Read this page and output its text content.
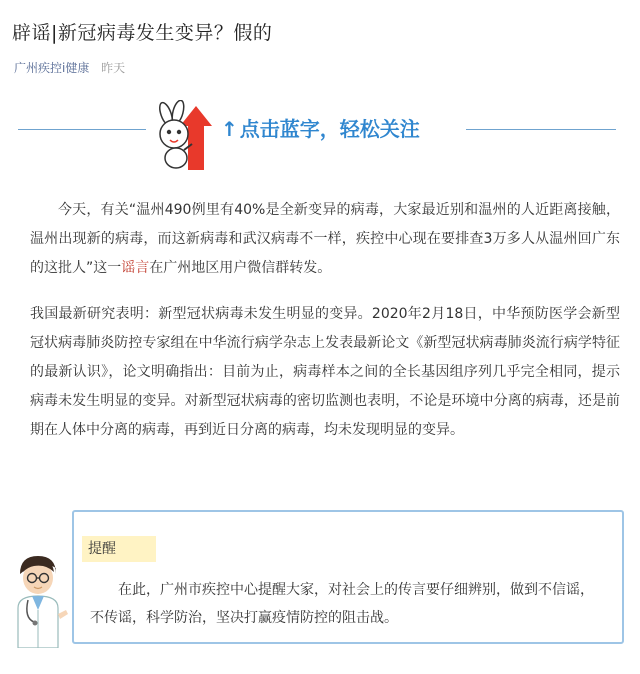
辟谣|新冠病毒发生变异？假的
广州疾控i健康 昨天
↑ 点击蓝字，轻松关注

今天，有关“温州490例里有40%是全新变异的病毒，大家最近别和温州的人近距离接触，温州出现新的病毒，而这新病毒和武汉病毒不一样，疾控中心现在要排查3万多人从温州回广东的这批人”这一谣言在广州地区用户微信群转发。

我国最新研究表明：新型冠状病毒未发生明显的变异。2020年2月18日，中华预防医学会新型冠状病毒肺炎防控专家组在中华流行病学杂志上发表最新论文《新型冠状病毒肺炎流行病学特征的最新认识》，论文明确指出：目前为止，病毒样本之间的全长基因组序列几乎完全相同，提示病毒未发生明显的变异。对新型冠状病毒的密切监测也表明，不论是环境中分离的病毒，还是前期在人体中分离的病毒，再到近日分离的病毒，均未发现明显的变异。

提醒

在此，广州市疾控中心提醒大家，对社会上的传言要仔细辨别，做到不信谣，不传谣，科学防治，坚决打赢疫情防控的阻击战。
